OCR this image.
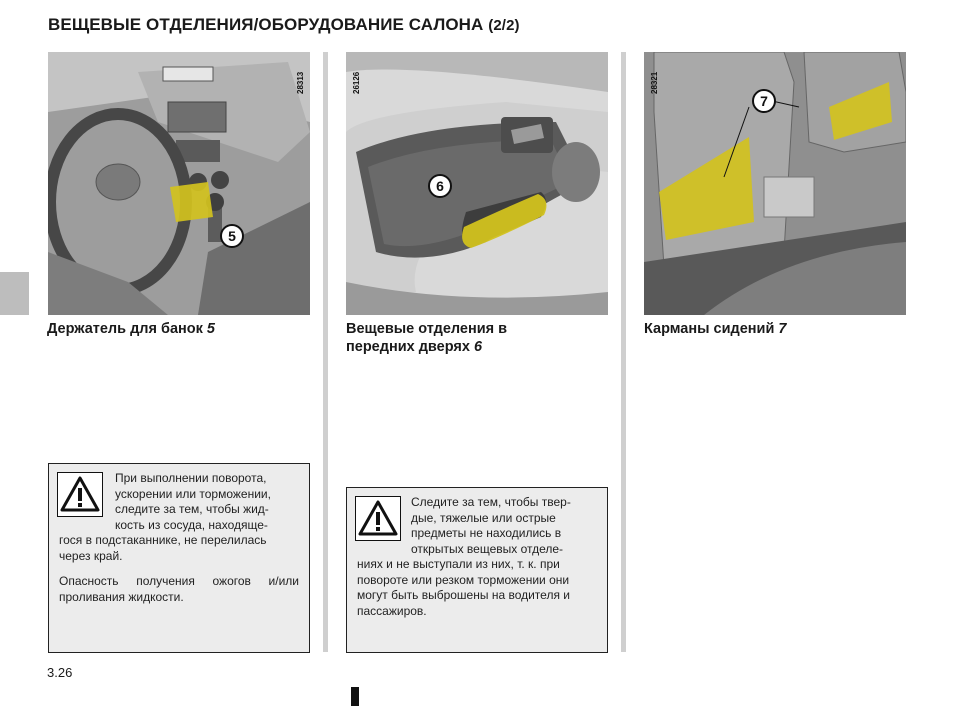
ВЕЩЕВЫЕ ОТДЕЛЕНИЯ/ОБОРУДОВАНИЕ САЛОНА (2/2)
28313
5
Держатель для банок 5
26126
6
Вещевые отделения в
передних дверях 6
28321
7
Карманы сидений 7
При выполнении поворота,
ускорении или торможении,
следите за тем, чтобы жид-
кость из сосуда, находяще-
гося в подстаканнике, не перелилась
через край.
Опасность получения ожогов и/или проливания жидкости.
Следите за тем, чтобы твер-
дые, тяжелые или острые
предметы не находились в
открытых вещевых отделе-
ниях и не выступали из них, т. к. при
повороте или резком торможении они
могут быть выброшены на водителя и
пассажиров.
3.26
